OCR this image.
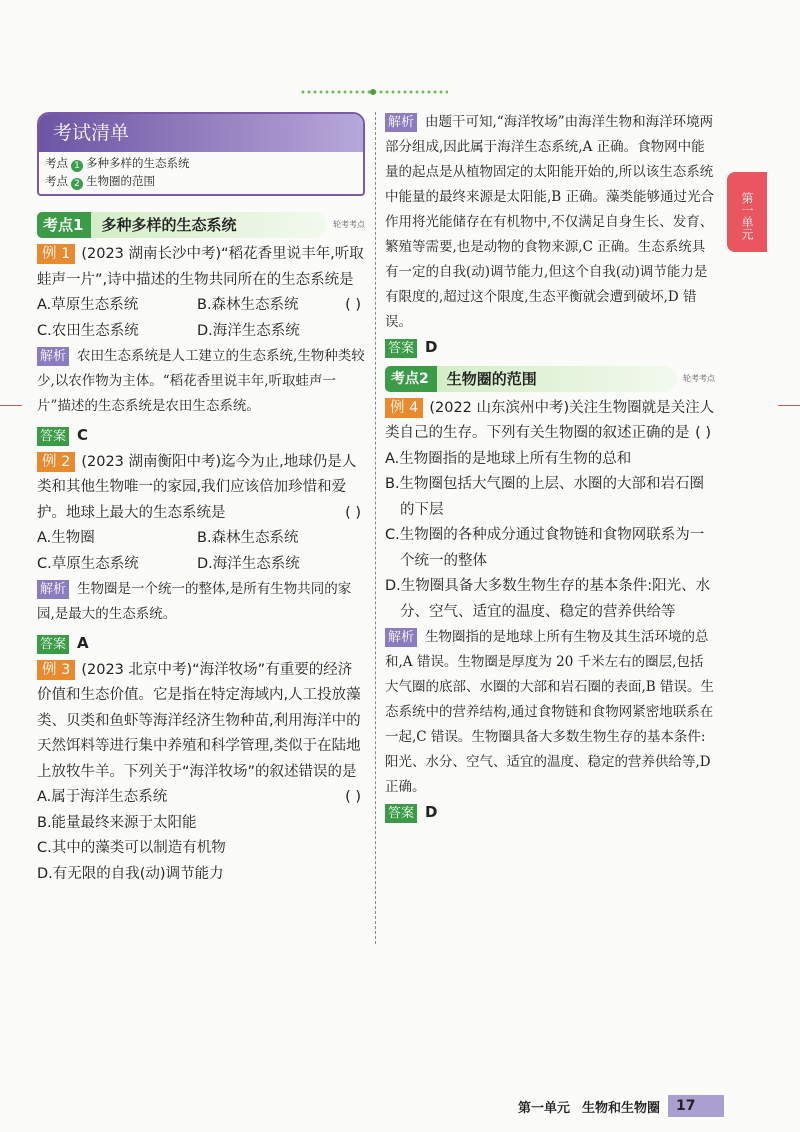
第一单元
考试清单
考点 1 多种多样的生态系统
考点 2 生物圈的范围
考点1	多种多样的生态系统	轮考考点
例 1 (2023 湖南长沙中考)“稻花香里说丰年,听取蛙声一片”,诗中描述的生物共同所在的生态系统是
( )
A.草原生态系统	B.森林生态系统
C.农田生态系统	D.海洋生态系统
解析 农田生态系统是人工建立的生态系统,生物种类较少,以农作物为主体。“稻花香里说丰年,听取蛙声一片”描述的生态系统是农田生态系统。
答案 C
例 2 (2023 湖南衡阳中考)迄今为止,地球仍是人类和其他生物唯一的家园,我们应该倍加珍惜和爱护。地球上最大的生态系统是	( )
A.生物圈	B.森林生态系统
C.草原生态系统	D.海洋生态系统
解析 生物圈是一个统一的整体,是所有生物共同的家园,是最大的生态系统。
答案 A
例 3 (2023 北京中考)“海洋牧场”有重要的经济价值和生态价值。它是指在特定海域内,人工投放藻类、贝类和鱼虾等海洋经济生物种苗,利用海洋中的天然饵料等进行集中养殖和科学管理,类似于在陆地上放牧牛羊。下列关于“海洋牧场”的叙述错误的是
( )
A.属于海洋生态系统
B.能量最终来源于太阳能
C.其中的藻类可以制造有机物
D.有无限的自我(动)调节能力
解析 由题干可知,“海洋牧场”由海洋生物和海洋环境两部分组成,因此属于海洋生态系统,A 正确。食物网中能量的起点是从植物固定的太阳能开始的,所以该生态系统中能量的最终来源是太阳能,B 正确。藻类能够通过光合作用将光能储存在有机物中,不仅满足自身生长、发育、繁殖等需要,也是动物的食物来源,C 正确。生态系统具有一定的自我(动)调节能力,但这个自我(动)调节能力是有限度的,超过这个限度,生态平衡就会遭到破坏,D 错误。
答案 D
考点2	生物圈的范围	轮考考点
例 4 (2022 山东滨州中考)关注生物圈就是关注人类自己的生存。下列有关生物圈的叙述正确的是 ( )
A.生物圈指的是地球上所有生物的总和
B.生物圈包括大气圈的上层、水圈的大部和岩石圈的下层
C.生物圈的各种成分通过食物链和食物网联系为一个统一的整体
D.生物圈具备大多数生物生存的基本条件:阳光、水分、空气、适宜的温度、稳定的营养供给等
解析 生物圈指的是地球上所有生物及其生活环境的总和,A 错误。生物圈是厚度为 20 千米左右的圈层,包括大气圈的底部、水圈的大部和岩石圈的表面,B 错误。生态系统中的营养结构,通过食物链和食物网紧密地联系在一起,C 错误。生物圈具备大多数生物生存的基本条件:阳光、水分、空气、适宜的温度、稳定的营养供给等,D 正确。
答案 D
第一单元 生物和生物圈	17
